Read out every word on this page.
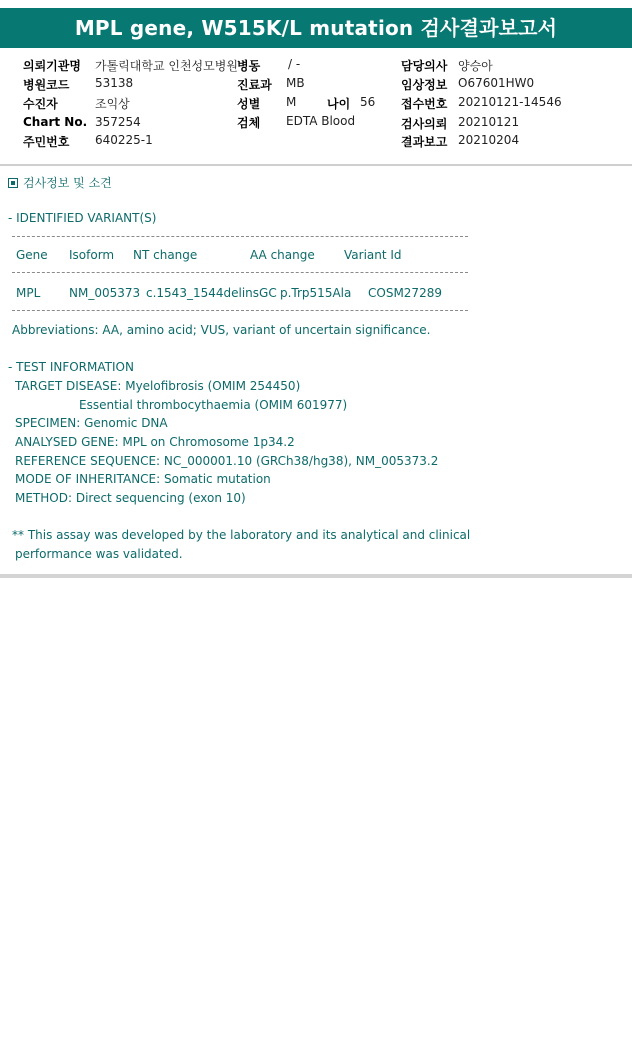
MPL gene, W515K/L mutation 검사결과보고서
의뢰기관명 가톨릭대학교 인천성모병원 병동 / -	담당의사 양승아
병원코드 53138	진료과 MB	임상정보 O67601HW0
수진자	조익상	성별 M	나이 56 접수번호 20210121-14546
Chart No. 357254	검체 EDTA Blood	검사의뢰 20210121
주민번호 640225-1	결과보고 20210204
검사정보 및 소견
- IDENTIFIED VARIANT(S)
Gene Isoform NT change	AA change Variant Id
MPL NM_005373 c.1543_1544delinsGC p.Trp515Ala COSM27289
Abbreviations: AA, amino acid; VUS, variant of uncertain significance.
- TEST INFORMATION
TARGET DISEASE: Myelofibrosis (OMIM 254450)
Essential thrombocythaemia (OMIM 601977)
SPECIMEN: Genomic DNA
ANALYSED GENE: MPL on Chromosome 1p34.2
REFERENCE SEQUENCE: NC_000001.10 (GRCh38/hg38), NM_005373.2
MODE OF INHERITANCE: Somatic mutation
METHOD: Direct sequencing (exon 10)
** This assay was developed by the laboratory and its analytical and clinical
performance was validated.
